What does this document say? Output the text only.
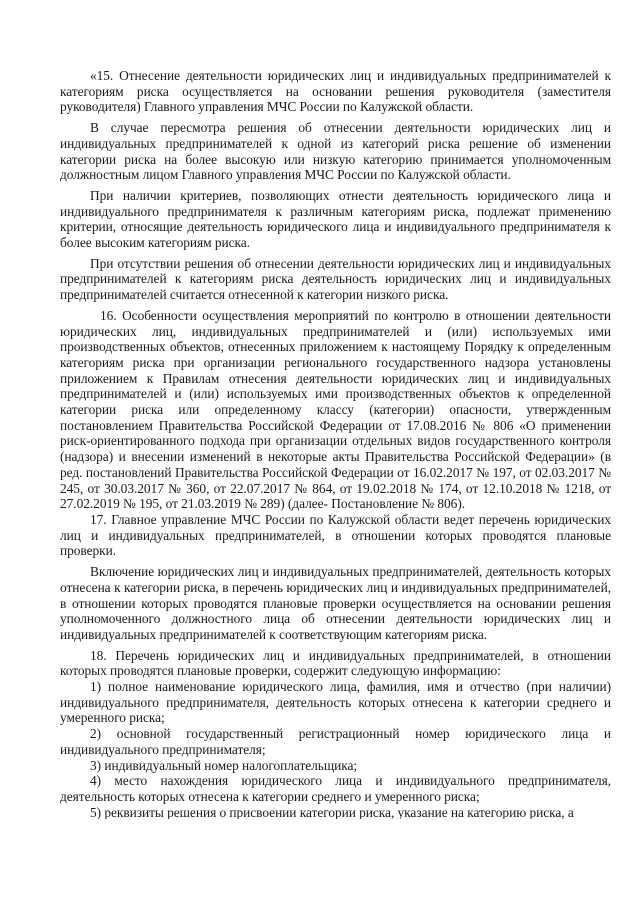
«15. Отнесение деятельности юридических лиц и индивидуальных предпринимателей к категориям риска осуществляется на основании решения руководителя (заместителя руководителя) Главного управления МЧС России по Калужской области.

В случае пересмотра решения об отнесении деятельности юридических лиц и индивидуальных предпринимателей к одной из категорий риска решение об изменении категории риска на более высокую или низкую категорию принимается уполномоченным должностным лицом Главного управления МЧС России по Калужской области.

При наличии критериев, позволяющих отнести деятельность юридического лица и индивидуального предпринимателя к различным категориям риска, подлежат применению критерии, относящие деятельность юридического лица и индивидуального предпринимателя к более высоким категориям риска.

При отсутствии решения об отнесении деятельности юридических лиц и индивидуальных предпринимателей к категориям риска деятельность юридических лиц и индивидуальных предпринимателей считается отнесенной к категории низкого риска.

16. Особенности осуществления мероприятий по контролю в отношении деятельности юридических лиц, индивидуальных предпринимателей и (или) используемых ими производственных объектов, отнесенных приложением к настоящему Порядку к определенным категориям риска при организации регионального государственного надзора установлены приложением к Правилам отнесения деятельности юридических лиц и индивидуальных предпринимателей и (или) используемых ими производственных объектов к определенной категории риска или определенному классу (категории) опасности, утвержденным постановлением Правительства Российской Федерации от 17.08.2016 № 806 «О применении риск-ориентированного подхода при организации отдельных видов государственного контроля (надзора) и внесении изменений в некоторые акты Правительства Российской Федерации» (в ред. постановлений Правительства Российской Федерации от 16.02.2017 № 197, от 02.03.2017 № 245, от 30.03.2017 № 360, от 22.07.2017 № 864, от 19.02.2018 № 174, от 12.10.2018 № 1218, от 27.02.2019 № 195, от 21.03.2019 № 289) (далее- Постановление № 806).

17. Главное управление МЧС России по Калужской области ведет перечень юридических лиц и индивидуальных предпринимателей, в отношении которых проводятся плановые проверки.

Включение юридических лиц и индивидуальных предпринимателей, деятельность которых отнесена к категории риска, в перечень юридических лиц и индивидуальных предпринимателей, в отношении которых проводятся плановые проверки осуществляется на основании решения уполномоченного должностного лица об отнесении деятельности юридических лиц и индивидуальных предпринимателей к соответствующим категориям риска.

18. Перечень юридических лиц и индивидуальных предпринимателей, в отношении которых проводятся плановые проверки, содержит следующую информацию:

1) полное наименование юридического лица, фамилия, имя и отчество (при наличии) индивидуального предпринимателя, деятельность которых отнесена к категории среднего и умеренного риска;

2) основной государственный регистрационный номер юридического лица и индивидуального предпринимателя;

3) индивидуальный номер налогоплательщика;

4) место нахождения юридического лица и индивидуального предпринимателя, деятельность которых отнесена к категории среднего и умеренного риска;

5) реквизиты решения о присвоении категории риска, указание на категорию риска, а
